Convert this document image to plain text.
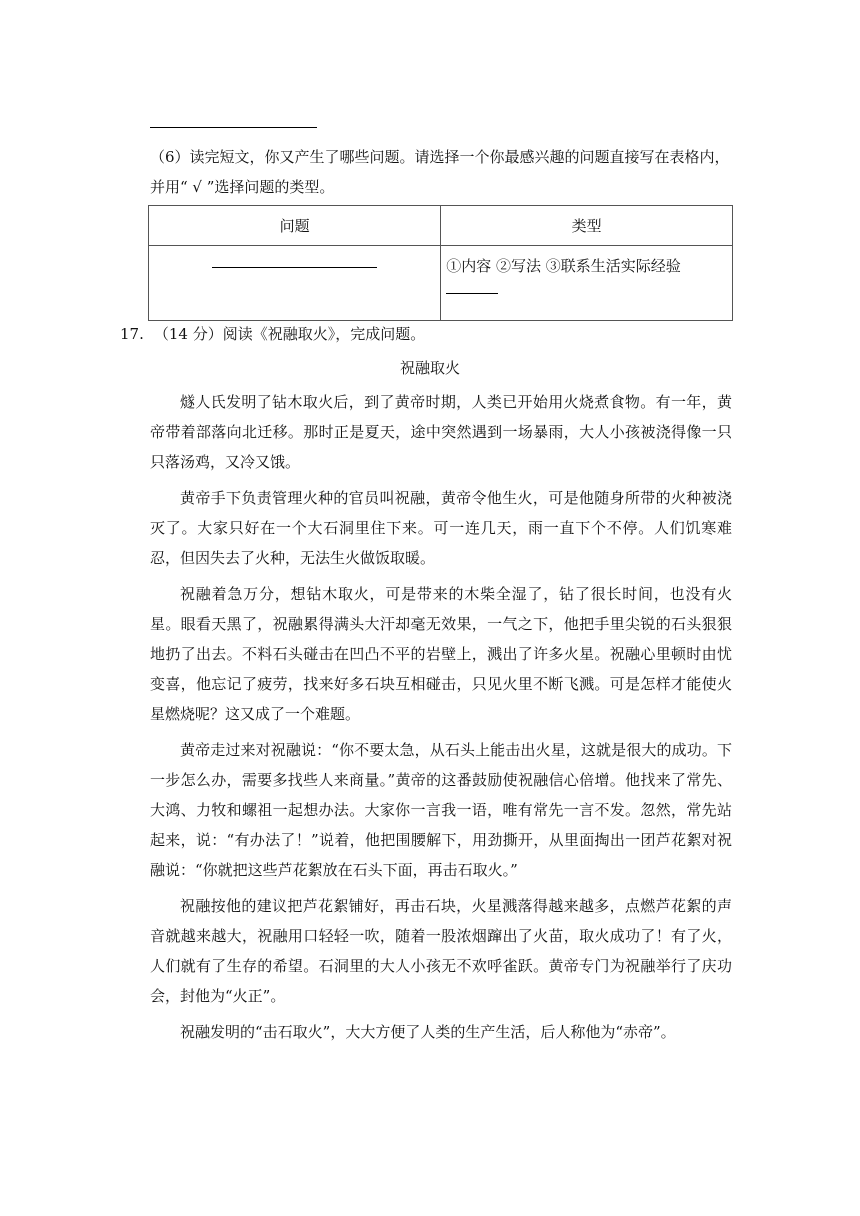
（6）读完短文，你又产生了哪些问题。请选择一个你最感兴趣的问题直接写在表格内，并用“ √ ”选择问题的类型。

问题	类型

	①内容 ②写法 ③联系生活实际经验

17. （14 分）阅读《祝融取火》，完成问题。

祝融取火

燧人氏发明了钻木取火后，到了黄帝时期，人类已开始用火烧煮食物。有一年，黄帝带着部落向北迁移。那时正是夏天，途中突然遇到一场暴雨，大人小孩被浇得像一只只落汤鸡，又冷又饿。

黄帝手下负责管理火种的官员叫祝融，黄帝令他生火，可是他随身所带的火种被浇灭了。大家只好在一个大石洞里住下来。可一连几天，雨一直下个不停。人们饥寒难忍，但因失去了火种，无法生火做饭取暖。

祝融着急万分，想钻木取火，可是带来的木柴全湿了，钻了很长时间，也没有火星。眼看天黑了，祝融累得满头大汗却毫无效果，一气之下，他把手里尖锐的石头狠狠地扔了出去。不料石头碰击在凹凸不平的岩壁上，溅出了许多火星。祝融心里顿时由忧变喜，他忘记了疲劳，找来好多石块互相碰击，只见火里不断飞溅。可是怎样才能使火星燃烧呢？这又成了一个难题。

黄帝走过来对祝融说：“你不要太急，从石头上能击出火星，这就是很大的成功。下一步怎么办，需要多找些人来商量。”黄帝的这番鼓励使祝融信心倍增。他找来了常先、大鸿、力牧和螺祖一起想办法。大家你一言我一语，唯有常先一言不发。忽然，常先站起来，说：“有办法了！”说着，他把围腰解下，用劲撕开，从里面掏出一团芦花絮对祝融说：“你就把这些芦花絮放在石头下面，再击石取火。”

祝融按他的建议把芦花絮铺好，再击石块，火星溅落得越来越多，点燃芦花絮的声音就越来越大，祝融用口轻轻一吹，随着一股浓烟蹿出了火苗，取火成功了！有了火，人们就有了生存的希望。石洞里的大人小孩无不欢呼雀跃。黄帝专门为祝融举行了庆功会，封他为“火正”。

祝融发明的“击石取火”，大大方便了人类的生产生活，后人称他为“赤帝”。
